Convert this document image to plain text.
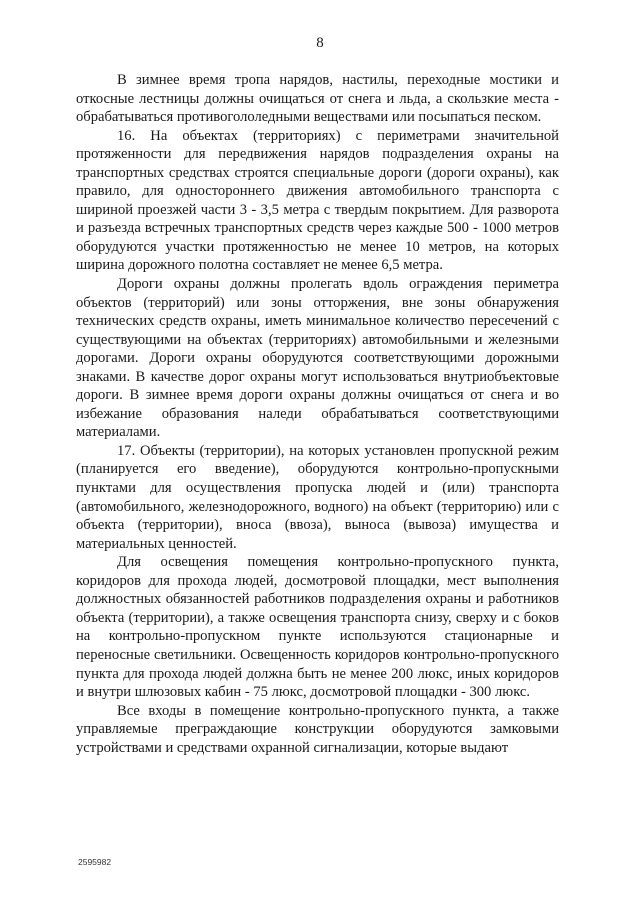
8

В зимнее время тропа нарядов, настилы, переходные мостики и откосные лестницы должны очищаться от снега и льда, а скользкие места - обрабатываться противогололедными веществами или посыпаться песком.

16. На объектах (территориях) с периметрами значительной протяженности для передвижения нарядов подразделения охраны на транспортных средствах строятся специальные дороги (дороги охраны), как правило, для одностороннего движения автомобильного транспорта с шириной проезжей части 3 - 3,5 метра с твердым покрытием. Для разворота и разъезда встречных транспортных средств через каждые 500 - 1000 метров оборудуются участки протяженностью не менее 10 метров, на которых ширина дорожного полотна составляет не менее 6,5 метра.

Дороги охраны должны пролегать вдоль ограждения периметра объектов (территорий) или зоны отторжения, вне зоны обнаружения технических средств охраны, иметь минимальное количество пересечений с существующими на объектах (территориях) автомобильными и железными дорогами. Дороги охраны оборудуются соответствующими дорожными знаками. В качестве дорог охраны могут использоваться внутриобъектовые дороги. В зимнее время дороги охраны должны очищаться от снега и во избежание образования наледи обрабатываться соответствующими материалами.

17. Объекты (территории), на которых установлен пропускной режим (планируется его введение), оборудуются контрольно-пропускными пунктами для осуществления пропуска людей и (или) транспорта (автомобильного, железнодорожного, водного) на объект (территорию) или с объекта (территории), вноса (ввоза), выноса (вывоза) имущества и материальных ценностей.

Для освещения помещения контрольно-пропускного пункта, коридоров для прохода людей, досмотровой площадки, мест выполнения должностных обязанностей работников подразделения охраны и работников объекта (территории), а также освещения транспорта снизу, сверху и с боков на контрольно-пропускном пункте используются стационарные и переносные светильники. Освещенность коридоров контрольно-пропускного пункта для прохода людей должна быть не менее 200 люкс, иных коридоров и внутри шлюзовых кабин - 75 люкс, досмотровой площадки - 300 люкс.

Все входы в помещение контрольно-пропускного пункта, а также управляемые преграждающие конструкции оборудуются замковыми устройствами и средствами охранной сигнализации, которые выдают

2595982
